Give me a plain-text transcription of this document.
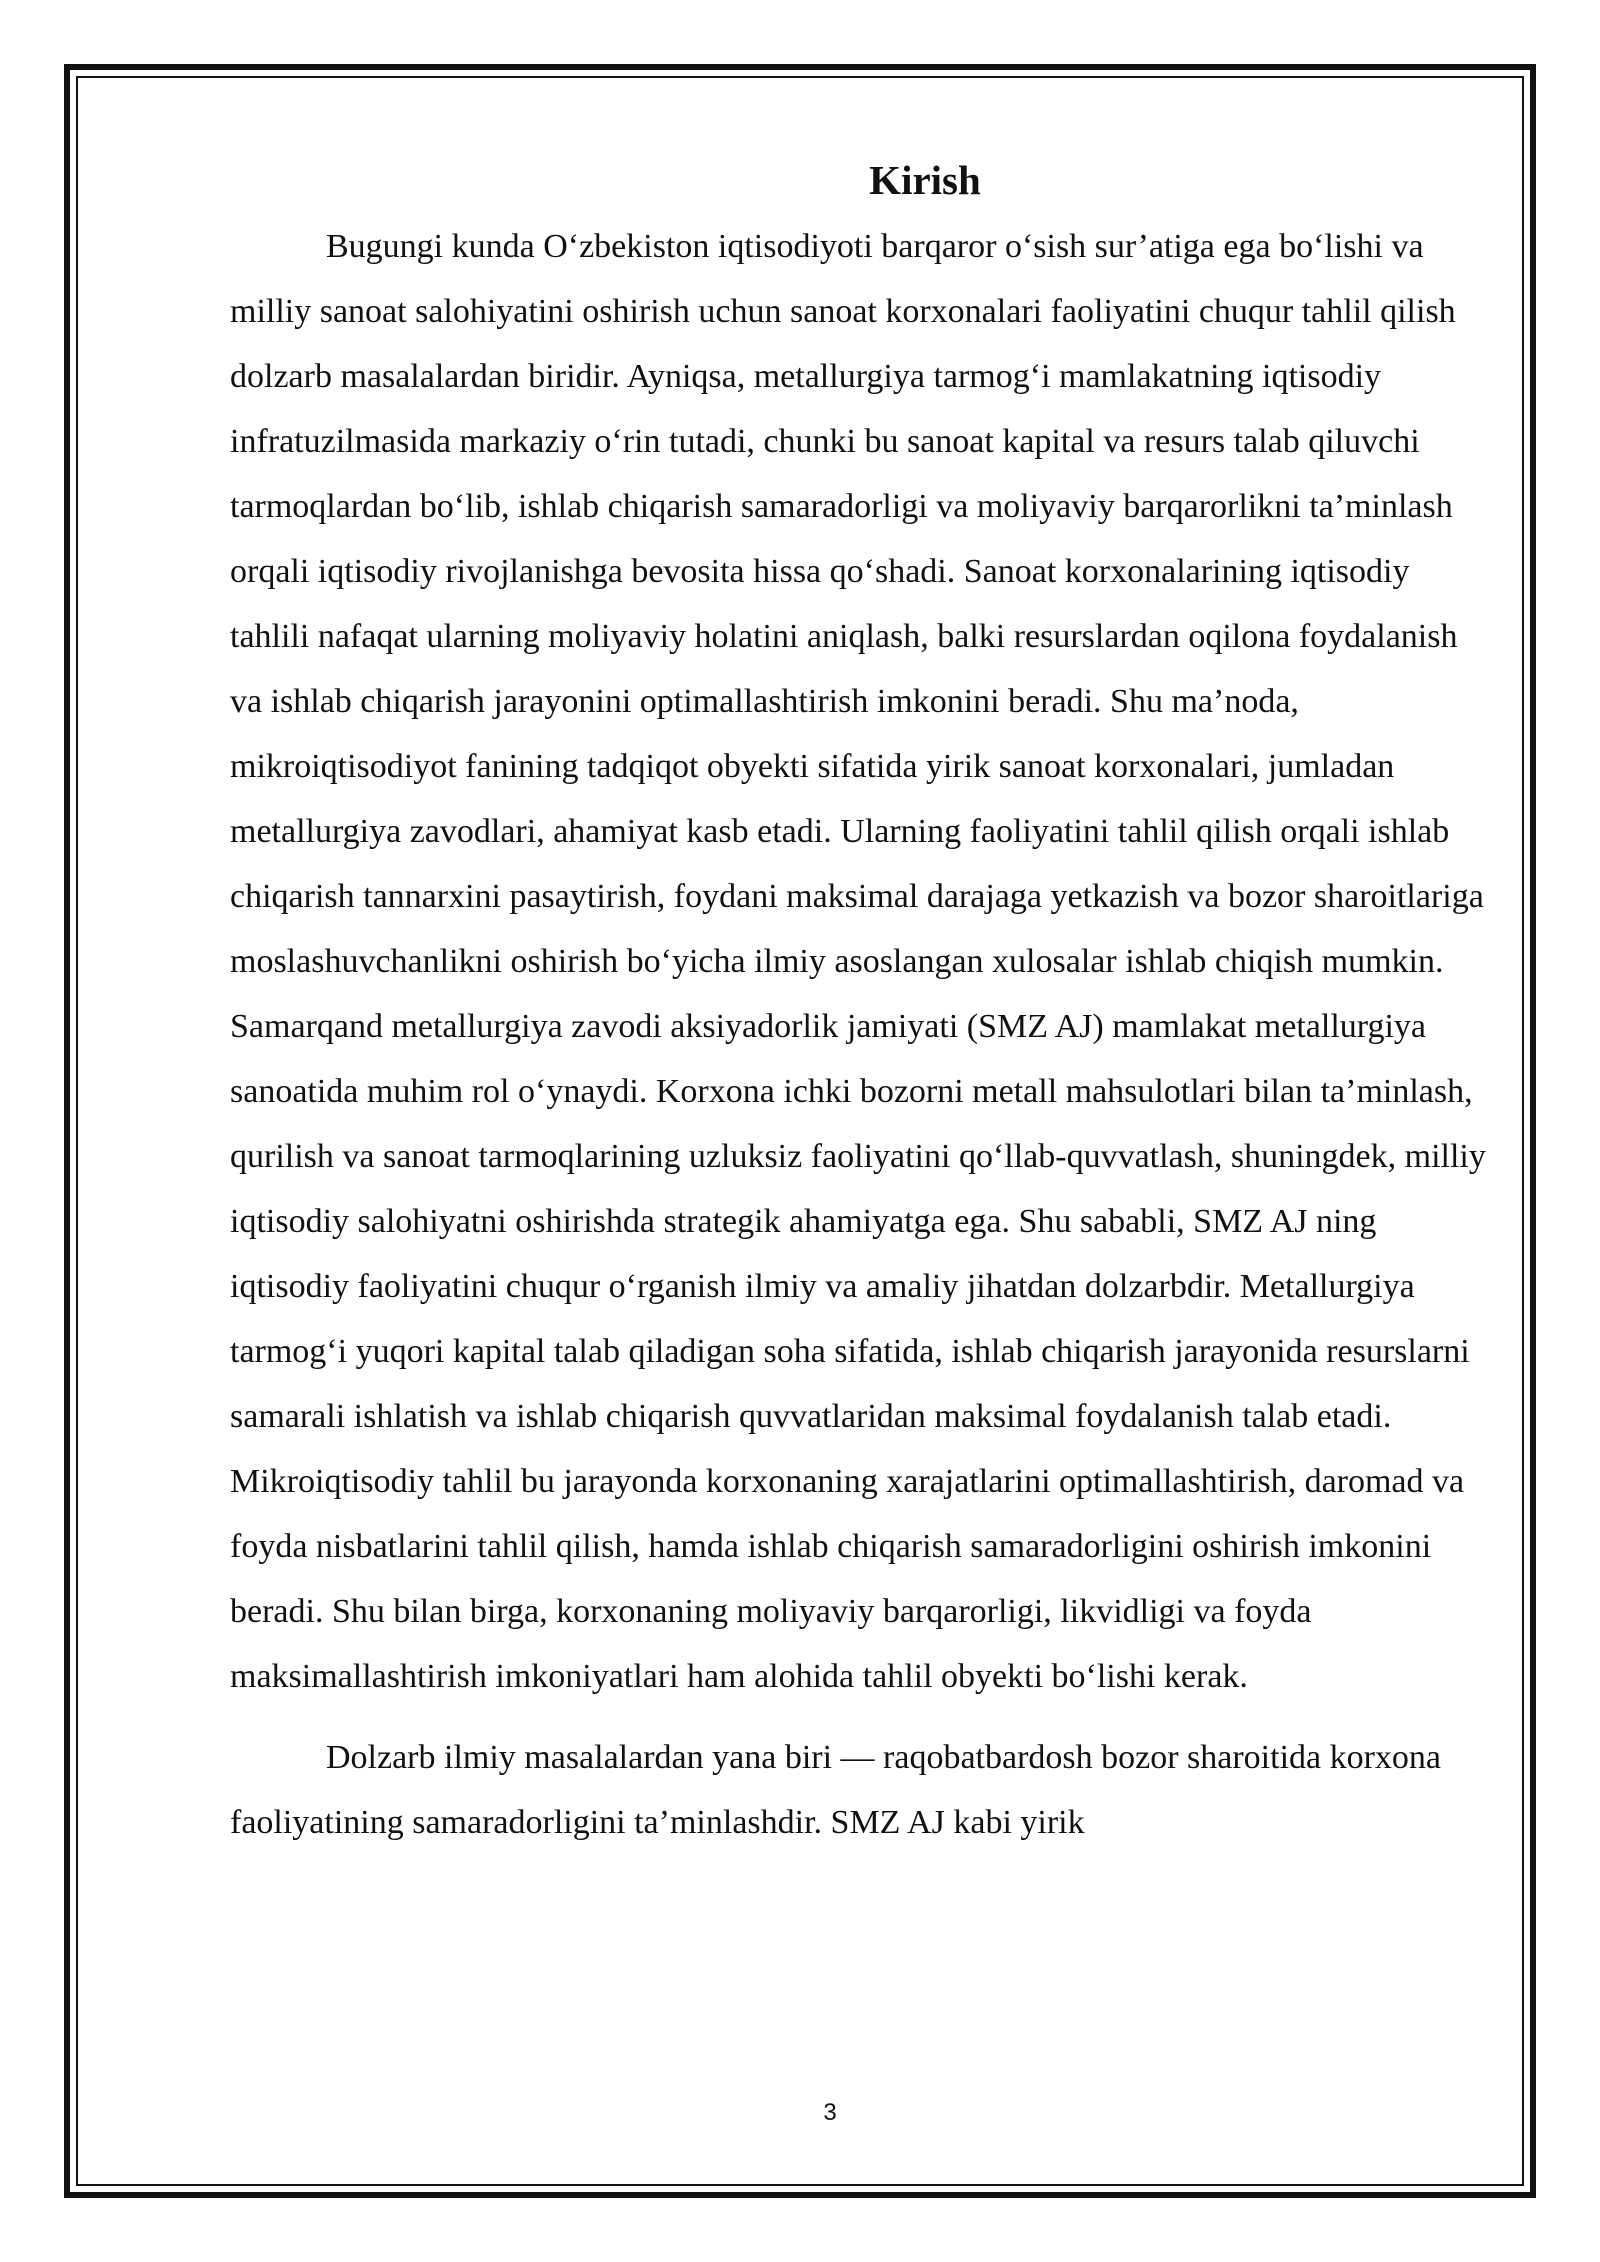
Kirish

Bugungi kunda O‘zbekiston iqtisodiyoti barqaror o‘sish sur’atiga ega bo‘lishi va milliy sanoat salohiyatini oshirish uchun sanoat korxonalari faoliyatini chuqur tahlil qilish dolzarb masalalardan biridir. Ayniqsa, metallurgiya tarmog‘i mamlakatning iqtisodiy infratuzilmasida markaziy o‘rin tutadi, chunki bu sanoat kapital va resurs talab qiluvchi tarmoqlardan bo‘lib, ishlab chiqarish samaradorligi va moliyaviy barqarorlikni ta’minlash orqali iqtisodiy rivojlanishga bevosita hissa qo‘shadi. Sanoat korxonalarining iqtisodiy tahlili nafaqat ularning moliyaviy holatini aniqlash, balki resurslardan oqilona foydalanish va ishlab chiqarish jarayonini optimallashtirish imkonini beradi. Shu ma’noda, mikroiqtisodiyot fanining tadqiqot obyekti sifatida yirik sanoat korxonalari, jumladan metallurgiya zavodlari, ahamiyat kasb etadi. Ularning faoliyatini tahlil qilish orqali ishlab chiqarish tannarxini pasaytirish, foydani maksimal darajaga yetkazish va bozor sharoitlariga moslashuvchanlikni oshirish bo‘yicha ilmiy asoslangan xulosalar ishlab chiqish mumkin. Samarqand metallurgiya zavodi aksiyadorlik jamiyati (SMZ AJ) mamlakat metallurgiya sanoatida muhim rol o‘ynaydi. Korxona ichki bozorni metall mahsulotlari bilan ta’minlash, qurilish va sanoat tarmoqlarining uzluksiz faoliyatini qo‘llab-quvvatlash, shuningdek, milliy iqtisodiy salohiyatni oshirishda strategik ahamiyatga ega. Shu sababli, SMZ AJ ning iqtisodiy faoliyatini chuqur o‘rganish ilmiy va amaliy jihatdan dolzarbdir. Metallurgiya tarmog‘i yuqori kapital talab qiladigan soha sifatida, ishlab chiqarish jarayonida resurslarni samarali ishlatish va ishlab chiqarish quvvatlaridan maksimal foydalanish talab etadi. Mikroiqtisodiy tahlil bu jarayonda korxonaning xarajatlarini optimallashtirish, daromad va foyda nisbatlarini tahlil qilish, hamda ishlab chiqarish samaradorligini oshirish imkonini beradi. Shu bilan birga, korxonaning moliyaviy barqarorligi, likvidligi va foyda maksimallashtirish imkoniyatlari ham alohida tahlil obyekti bo‘lishi kerak.

Dolzarb ilmiy masalalardan yana biri — raqobatbardosh bozor sharoitida korxona faoliyatining samaradorligini ta’minlashdir. SMZ AJ kabi yirik

3
